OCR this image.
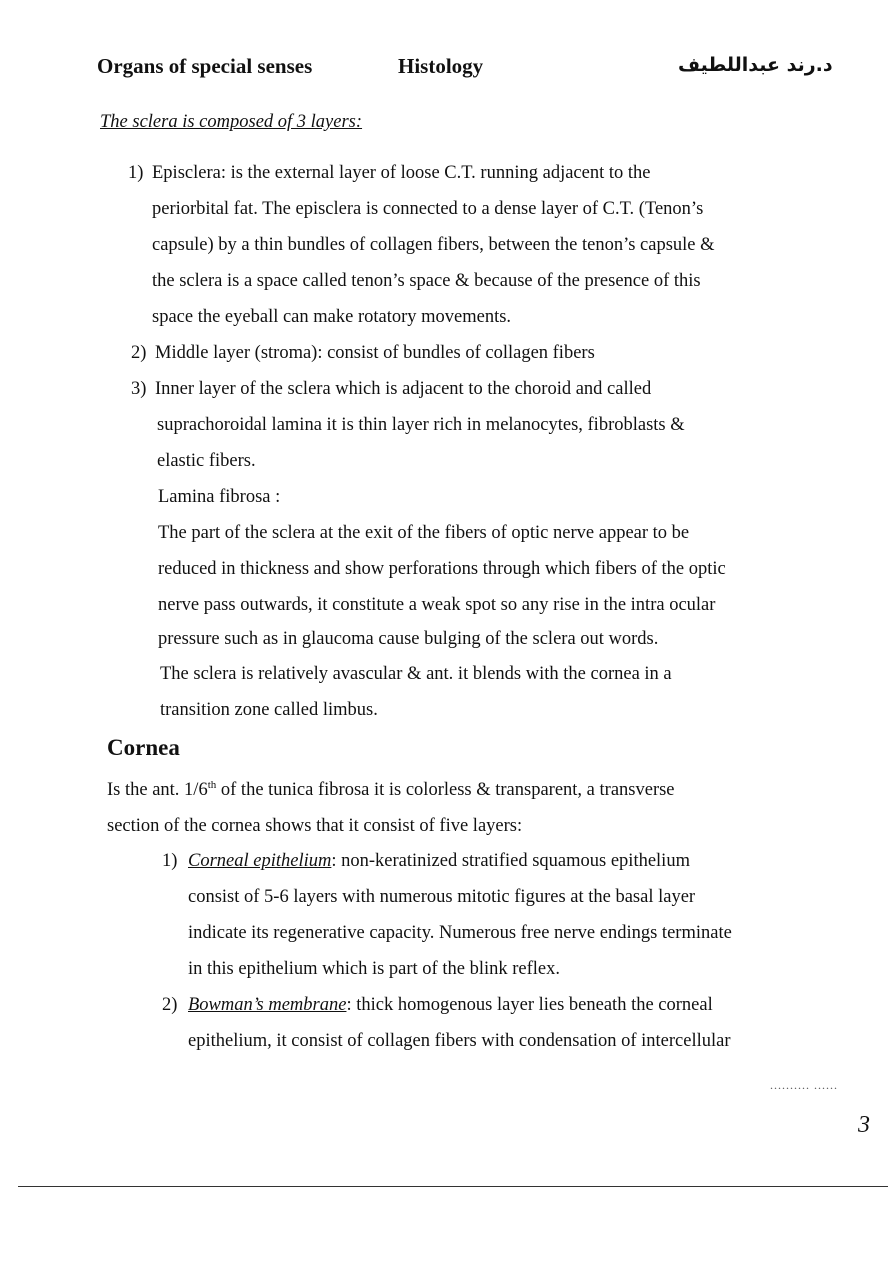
Organs of special senses	Histology	د.رند عبداللطيف
The sclera is composed of 3 layers:
1) Episclera: is the external layer of loose C.T. running adjacent to the
periorbital fat. The episclera is connected to a dense layer of C.T. (Tenon’s
capsule) by a thin bundles of collagen fibers, between the tenon’s capsule &
the sclera is a space called tenon’s space & because of the presence of this
space the eyeball can make rotatory movements.
2) Middle layer (stroma): consist of bundles of collagen fibers
3) Inner layer of the sclera which is adjacent to the choroid and called
suprachoroidal lamina it is thin layer rich in melanocytes, fibroblasts &
elastic fibers.
Lamina fibrosa :
The part of the sclera at the exit of the fibers of optic nerve appear to be
reduced in thickness and show perforations through which fibers of the optic
nerve pass outwards, it constitute a weak spot so any rise in the intra ocular
pressure such as in glaucoma cause bulging of the sclera out words.
The sclera is relatively avascular & ant. it blends with the cornea in a
transition zone called limbus.
Cornea
Is the ant. 1/6th of the tunica fibrosa it is colorless & transparent, a transverse
section of the cornea shows that it consist of five layers:
1) Corneal epithelium: non-keratinized stratified squamous epithelium
consist of 5-6 layers with numerous mitotic figures at the basal layer
indicate its regenerative capacity. Numerous free nerve endings terminate
in this epithelium which is part of the blink reflex.
2) Bowman’s membrane: thick homogenous layer lies beneath the corneal
epithelium, it consist of collagen fibers with condensation of intercellular
.......... ......
3
